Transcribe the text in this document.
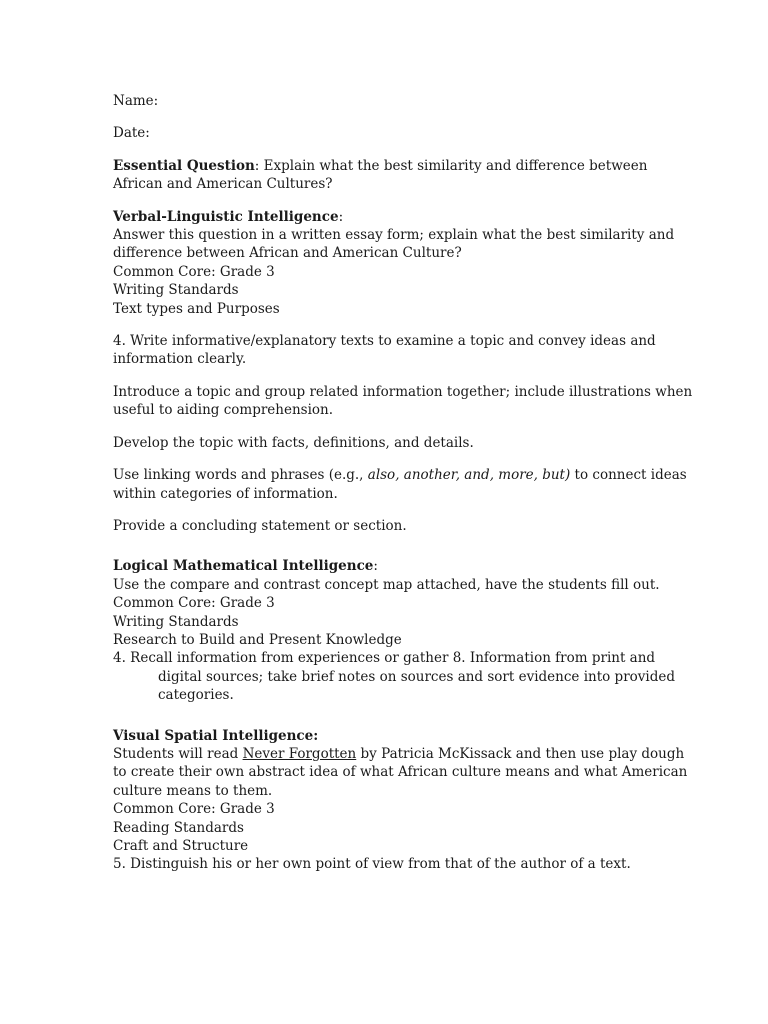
Name:
Date:
Essential Question: Explain what the best similarity and difference between
African and American Cultures?
Verbal-Linguistic Intelligence:
Answer this question in a written essay form; explain what the best similarity and
difference between African and American Culture?
Common Core: Grade 3
Writing Standards
Text types and Purposes
4. Write informative/explanatory texts to examine a topic and convey ideas and
information clearly.
Introduce a topic and group related information together; include illustrations when
useful to aiding comprehension.
Develop the topic with facts, definitions, and details.
Use linking words and phrases (e.g., also, another, and, more, but) to connect ideas
within categories of information.
Provide a concluding statement or section.
Logical Mathematical Intelligence:
Use the compare and contrast concept map attached, have the students fill out.
Common Core: Grade 3
Writing Standards
Research to Build and Present Knowledge
4. Recall information from experiences or gather 8. Information from print and
digital sources; take brief notes on sources and sort evidence into provided
categories.
Visual Spatial Intelligence:
Students will read Never Forgotten by Patricia McKissack and then use play dough
to create their own abstract idea of what African culture means and what American
culture means to them.
Common Core: Grade 3
Reading Standards
Craft and Structure
5. Distinguish his or her own point of view from that of the author of a text.
